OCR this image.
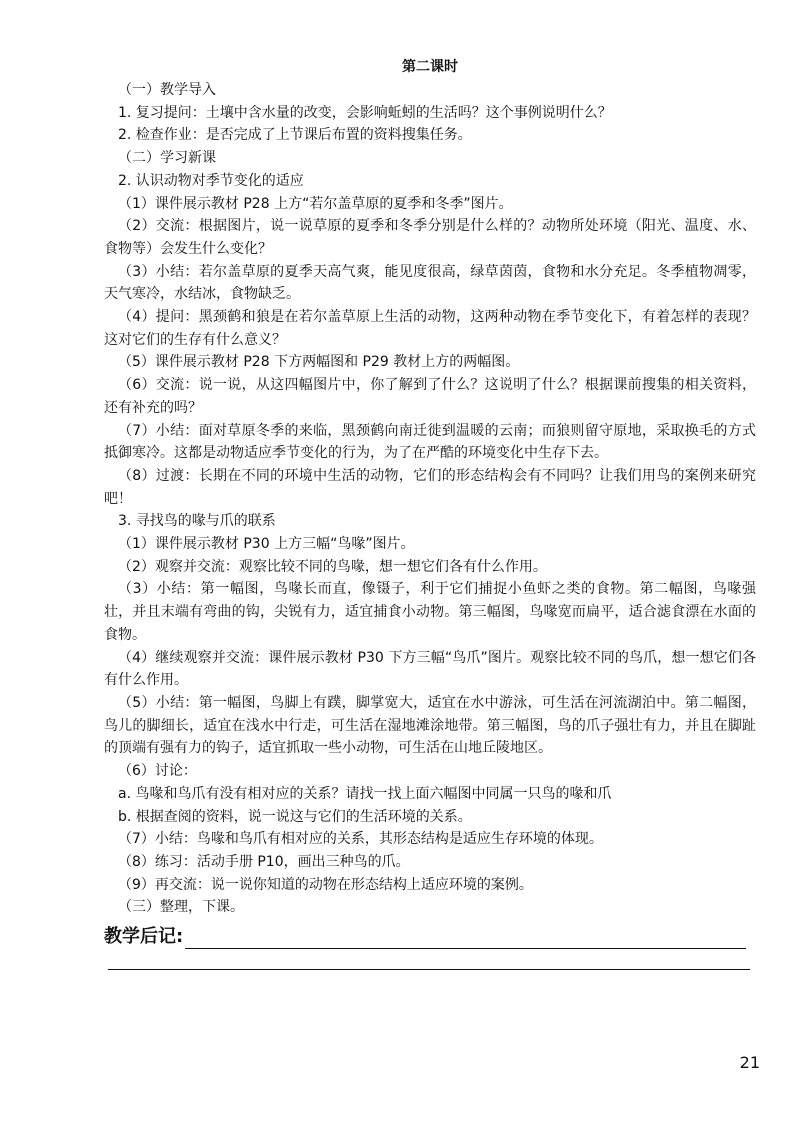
第二课时

（一）教学导入

1. 复习提问：土壤中含水量的改变，会影响蚯蚓的生活吗？这个事例说明什么？

2. 检查作业：是否完成了上节课后布置的资料搜集任务。

（二）学习新课

2. 认识动物对季节变化的适应

（1）课件展示教材 P28 上方“若尔盖草原的夏季和冬季”图片。

（2）交流：根据图片，说一说草原的夏季和冬季分别是什么样的？动物所处环境（阳光、温度、水、食物等）会发生什么变化？

（3）小结：若尔盖草原的夏季天高气爽，能见度很高，绿草茵茵，食物和水分充足。冬季植物凋零，天气寒冷，水结冰，食物缺乏。

（4）提问：黑颈鹤和狼是在若尔盖草原上生活的动物，这两种动物在季节变化下，有着怎样的表现？这对它们的生存有什么意义？

（5）课件展示教材 P28 下方两幅图和 P29 教材上方的两幅图。

（6）交流：说一说，从这四幅图片中，你了解到了什么？这说明了什么？根据课前搜集的相关资料，还有补充的吗？

（7）小结：面对草原冬季的来临，黑颈鹤向南迁徙到温暖的云南；而狼则留守原地，采取换毛的方式抵御寒冷。这都是动物适应季节变化的行为，为了在严酷的环境变化中生存下去。

（8）过渡：长期在不同的环境中生活的动物，它们的形态结构会有不同吗？让我们用鸟的案例来研究吧！

3. 寻找鸟的喙与爪的联系

（1）课件展示教材 P30 上方三幅“鸟喙”图片。

（2）观察并交流：观察比较不同的鸟喙，想一想它们各有什么作用。

（3）小结：第一幅图，鸟喙长而直，像镊子，利于它们捕捉小鱼虾之类的食物。第二幅图，鸟喙强壮，并且末端有弯曲的钩，尖锐有力，适宜捕食小动物。第三幅图，鸟喙宽而扁平，适合滤食漂在水面的食物。

（4）继续观察并交流：课件展示教材 P30 下方三幅“鸟爪”图片。观察比较不同的鸟爪，想一想它们各有什么作用。

（5）小结：第一幅图，鸟脚上有蹼，脚掌宽大，适宜在水中游泳，可生活在河流湖泊中。第二幅图，鸟儿的脚细长，适宜在浅水中行走，可生活在湿地滩涂地带。第三幅图，鸟的爪子强壮有力，并且在脚趾的顶端有强有力的钩子，适宜抓取一些小动物，可生活在山地丘陵地区。

（6）讨论：

a. 鸟喙和鸟爪有没有相对应的关系？请找一找上面六幅图中同属一只鸟的喙和爪

b. 根据查阅的资料，说一说这与它们的生活环境的关系。

（7）小结：鸟喙和鸟爪有相对应的关系，其形态结构是适应生存环境的体现。

（8）练习：活动手册 P10，画出三种鸟的爪。

（9）再交流：说一说你知道的动物在形态结构上适应环境的案例。

（三）整理，下课。

教学后记:
21
